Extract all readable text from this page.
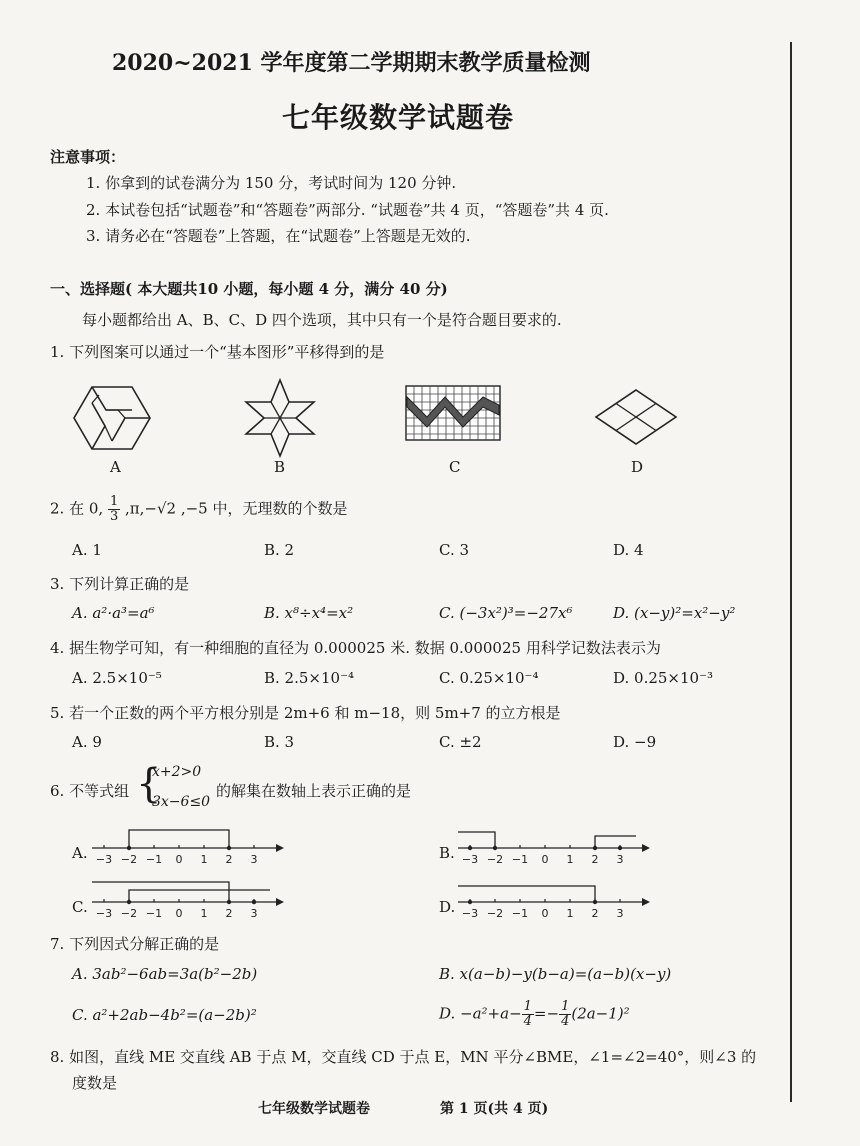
2020~2021 学年度第二学期期末教学质量检测
七年级数学试题卷
注意事项：
1. 你拿到的试卷满分为 150 分，考试时间为 120 分钟.
2. 本试卷包括“试题卷”和“答题卷”两部分. “试题卷”共 4 页，“答题卷”共 4 页.
3. 请务必在“答题卷”上答题，在“试题卷”上答题是无效的.
一、选择题( 本大题共10 小题，每小题 4 分，满分 40 分)
每小题都给出 A、B、C、D 四个选项，其中只有一个是符合题目要求的.
1. 下列图案可以通过一个“基本图形”平移得到的是
A	B	C	D
2. 在 0, $\frac{1}{3} ,\pi,-√2$ ,−5 中，无理数的个数是
A. 1	B. 2	C. 3	D. 4
3. 下列计算正确的是
A. a²·a³=a⁶	B. x⁸÷x⁴=x²	C. (−3x²)³=−27x⁶	D. (x−y)²=x²−y²
4. 据生物学可知，有一种细胞的直径为 0.000025 米. 数据 0.000025 用科学记数法表示为
A. 2.5×10⁻⁵	B. 2.5×10⁻⁴	C. 0.25×10⁻⁴	D. 0.25×10⁻³
5. 若一个正数的两个平方根分别是 2m+6 和 m−18，则 5m+7 的立方根是
A. 9	B. 3	C. ±2	D. −9
6. 不等式组 {
x+2>0
3x−6≤0
的解集在数轴上表示正确的是
A. −3 −2 −1 0 1 2 3	B. −3 −2 −1 0 1 2 3
C. −3 −2 −1 0 1 2 3	D. −3 −2 −1 0 1 2 3
7. 下列因式分解正确的是
A. 3ab²−6ab=3a(b²−2b)	B. x(a−b)−y(b−a)=(a−b)(x−y)
C. a²+2ab−4b²=(a−2b)²	D. $-a^2+a- \frac{1}{4} =- \frac{1}{4} (2a-1)^2$
8. 如图，直线 ME 交直线 AB 于点 M，交直线 CD 于点 E，MN 平分∠BME，∠1=∠2=40°，则∠3 的
度数是
七年级数学试题卷	第 1 页(共 4 页)
